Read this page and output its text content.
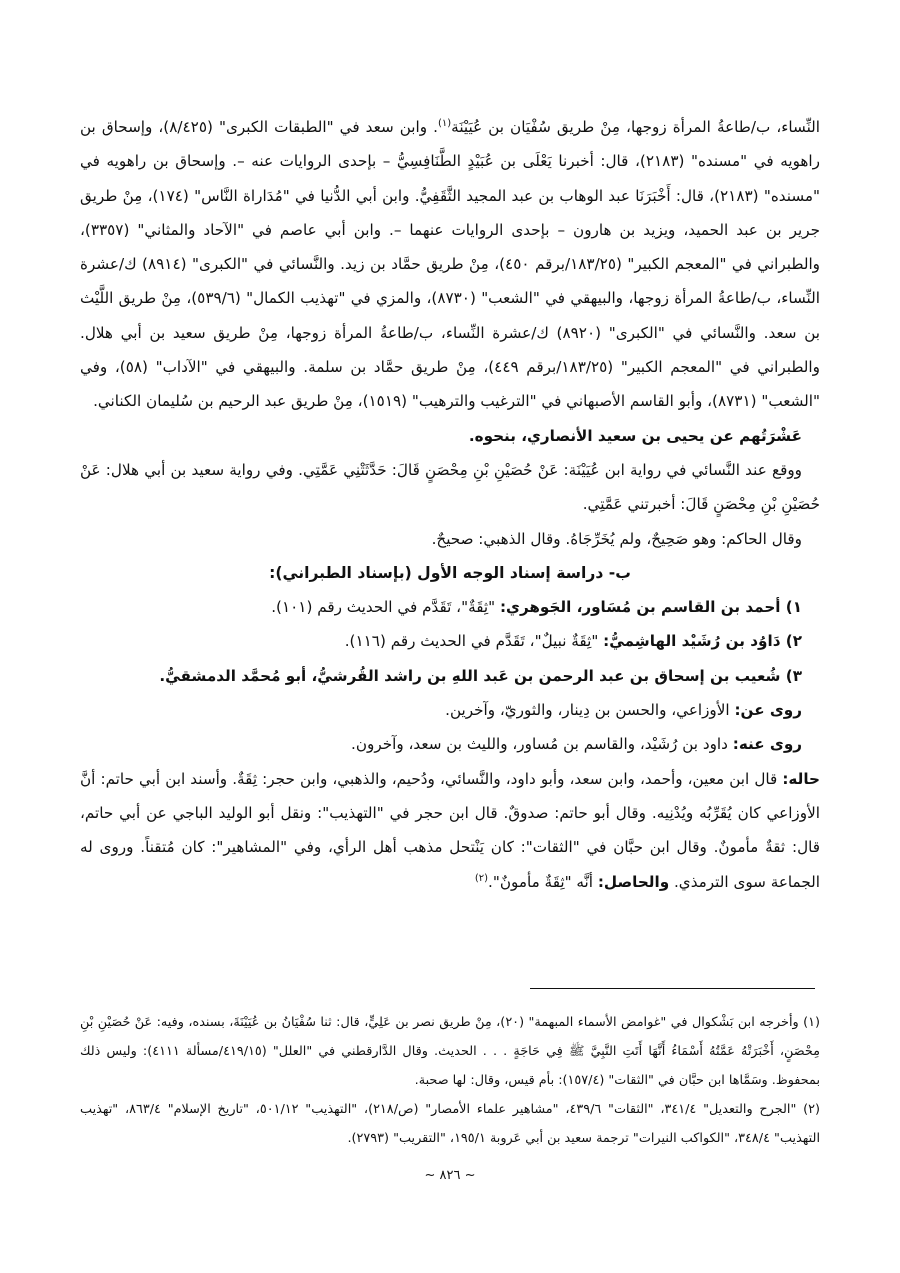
النِّساء، ب/طاعةُ المرأة زوجها، مِنْ طريق سُفْيَان بن عُيَيْنَة$^{(١)}$. وابن سعد في "الطبقات الكبرى" (٨/٤٢٥)، وإسحاق بن راهويه في "مسنده" (٢١٨٣)، قال: أخبرنا يَعْلَى بن عُبَيْدٍ الطَّنَافِسِيُّ – بإحدى الروايات عنه –. وإسحاق بن راهويه في "مسنده" (٢١٨٣)، قال: أَخْبَرَنَا عبد الوهاب بن عبد المجيد الثَّقَفِيُّ. وابن أبي الدُّنيا في "مُدَاراة النَّاس" (١٧٤)، مِنْ طريق جرير بن عبد الحميد، ويزيد بن هارون – بإحدى الروايات عنهما –. وابن أبي عاصم في "الآحاد والمثاني" (٣٣٥٧)، والطبراني في "المعجم الكبير" (١٨٣/٢٥/برقم ٤٥٠)، مِنْ طريق حمَّاد بن زيد. والنَّسائي في "الكبرى" (٨٩١٤) ك/عشرة النِّساء، ب/طاعةُ المرأة زوجها، والبيهقي في "الشعب" (٨٧٣٠)، والمزي في "تهذيب الكمال" (٥٣٩/٦)، مِنْ طريق اللَّيْث بن سعد. والنَّسائي في "الكبرى" (٨٩٢٠) ك/عشرة النِّساء، ب/طاعةُ المرأة زوجها، مِنْ طريق سعيد بن أبي هلال. والطبراني في "المعجم الكبير" (١٨٣/٢٥/برقم ٤٤٩)، مِنْ طريق حمَّاد بن سلمة. والبيهقي في "الآداب" (٥٨)، وفي "الشعب" (٨٧٣١)، وأبو القاسم الأصبهاني في "الترغيب والترهيب" (١٥١٩)، مِنْ طريق عبد الرحيم بن سُليمان الكناني.

عَشْرَتُهم عن يحيى بن سعيد الأنصاري، بنحوه.

ووقع عند النَّسائي في رواية ابن عُيَيْنَة: عَنْ حُصَيْنِ بْنِ مِحْصَنٍ قَالَ: حَدَّثَتْنِي عَمَّتِي. وفي رواية سعيد بن أبي هلال: عَنْ حُصَيْنِ بْنِ مِحْصَنٍ قَالَ: أخبرتني عَمَّتِي.

وقال الحاكم: وهو صَحِيحٌ، ولم يُخَرِّجَاهُ. وقال الذهبي: صحيحٌ.

ب- دراسة إسناد الوجه الأول (بإسناد الطبراني):

١) أحمد بن القاسم بن مُسَاور، الجَوهري: "ثِقَةٌ"، تَقَدَّم في الحديث رقم (١٠١).

٢) دَاوُد بن رُشَيْد الهاشِميُّ: "ثِقَةٌ نبيلٌ"، تَقَدَّم في الحديث رقم (١١٦).

٣) شُعيب بن إسحاق بن عبد الرحمن بن عَبد اللهِ بن راشد القُرشيُّ، أبو مُحمَّد الدمشقيُّ.

روى عن: الأوزاعي، والحسن بن دِينار، والثوريّ، وآخرين.

روى عنه: داود بن رُشَيْد، والقاسم بن مُساور، والليث بن سعد، وآخرون.

حاله: قال ابن معين، وأحمد، وابن سعد، وأبو داود، والنَّسائي، ودُحيم، والذهبي، وابن حجر: ثِقَةٌ. وأسند ابن أبي حاتم: أنَّ الأوزاعي كان يُقَرِّبُه ويُدْنِيه. وقال أبو حاتم: صدوقٌ. قال ابن حجر في "التهذيب": ونقل أبو الوليد الباجي عن أبي حاتم، قال: ثقةٌ مأمونٌ. وقال ابن حبَّان في "الثقات": كان يَنْتحل مذهب أهل الرأي، وفي "المشاهير": كان مُتقناً. وروى له الجماعة سوى الترمذي. والحاصل: أنَّه "ثِقَةٌ مأمونٌ".$^{(٢)}$

(١) وأخرجه ابن بَشْكوال في "غوامض الأسماء المبهمة" (٢٠)، مِنْ طريق نصر بن عَلِيٍّ، قال: ثنا سُفْيَانُ بن عُيَيْنَةَ، بسنده، وفيه: عَنْ حُصَيْنِ بْنِ مِحْصَنٍ، أَخْبَرَتْهُ عَمَّتُهُ أَسْمَاءُ أَنَّهَا أَتَتِ النَّبِيَّ ﷺ فِي حَاجَةٍ . . . الحديث. وقال الدَّارقطني في "العلل" (٤١٩/١٥/مسألة ٤١١١): وليس ذلك بمحفوظ. وسَمَّاها ابن حبَّان في "الثقات" (١٥٧/٤): بأم قيس، وقال: لها صحبة.

(٢) "الجرح والتعديل" ٣٤١/٤، "الثقات" ٤٣٩/٦، "مشاهير علماء الأمصار" (ص/٢١٨)، "التهذيب" ٥٠١/١٢، "تاريخ الإسلام" ٨٦٣/٤، "تهذيب التهذيب" ٣٤٨/٤، "الكواكب النيرات" ترجمة سعيد بن أبي عَروبة ١٩٥/١، "التقريب" (٢٧٩٣).

~ ٨٢٦ ~
